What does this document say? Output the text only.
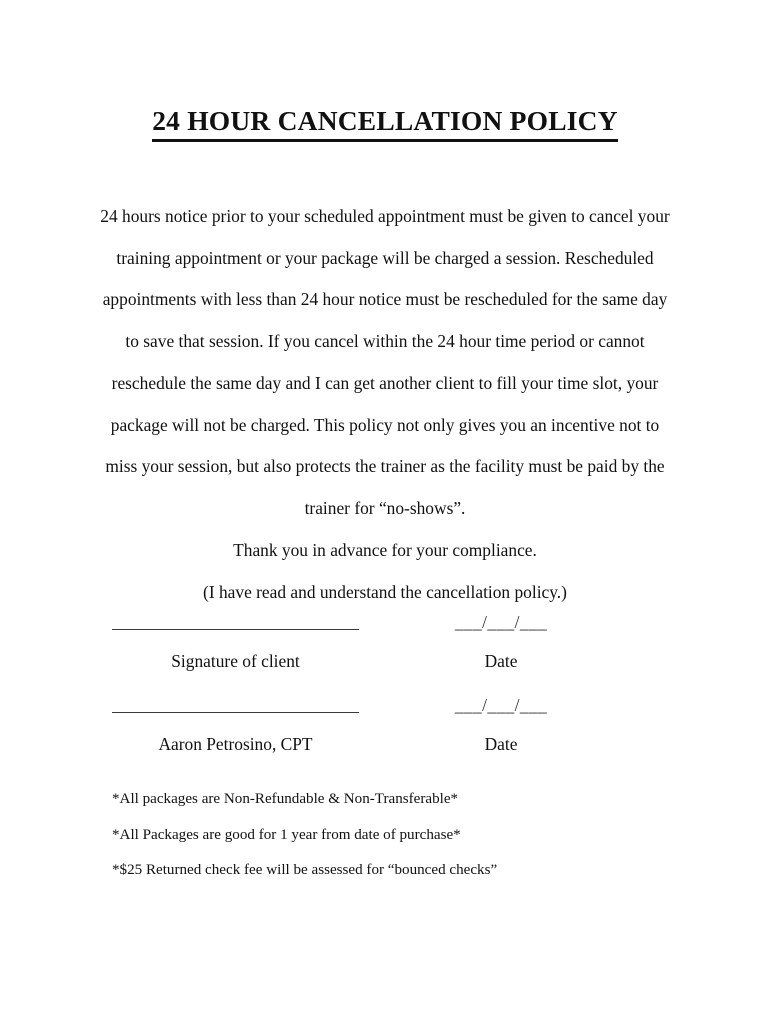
24 HOUR CANCELLATION POLICY
24 hours notice prior to your scheduled appointment must be given to cancel your
training appointment or your package will be charged a session. Rescheduled
appointments with less than 24 hour notice must be rescheduled for the same day
to save that session. If you cancel within the 24 hour time period or cannot
reschedule the same day and I can get another client to fill your time slot, your
package will not be charged. This policy not only gives you an incentive not to
miss your session, but also protects the trainer as the facility must be paid by the
trainer for “no-shows”.
Thank you in advance for your compliance.
(I have read and understand the cancellation policy.)
___/___/___
Signature of client	Date
___/___/___
Aaron Petrosino, CPT	Date
*All packages are Non-Refundable & Non-Transferable*
*All Packages are good for 1 year from date of purchase*
*$25 Returned check fee will be assessed for “bounced checks”
